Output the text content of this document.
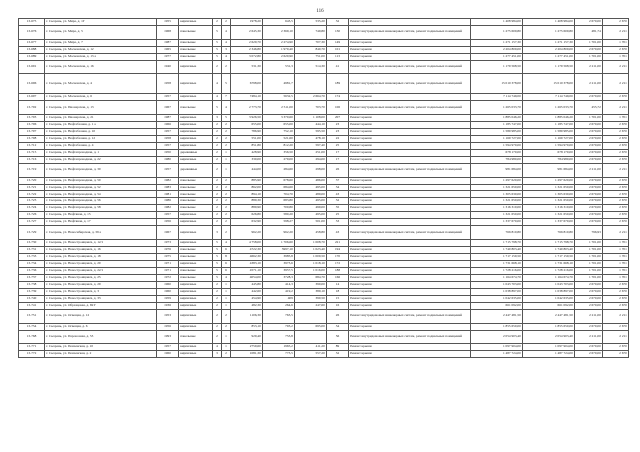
116
13-675	г. Сызрань, ул. Мира, д. 1Г	1955	кирпичные	2	2	1978,20	643,5	535,20	32	Ремонт крыши	1 408 984,00	1 408 984,00	2 670,00	2 670
13-676	г. Сызрань, ул. Мира, д. 5	1968	панельные	5	4	2 645,30	2 369,10	749,80	130	Ремонт внутридомовых инженерных систем, ремонт подвальных помещений	1 275 609,80	1 275 609,80	481,74	2 211
13-677	г. Сызрань, ул. Мира, д. 7	1987	панельные	5	4	2 629,70	2 274,90	707,30	149	Ремонт крыши	1 271 157,30	1 271 157,30	1 701,00	1 701
13-688	г. Сызрань, ул. Московская, д. 12	1965	панельные	5	3	2 346,80	1 970,40	840,70	101	Ремонт крыши	2 204 809,00	2 204 809,00	2 670,00	2 670
13-689	г. Сызрань, ул. Московская, д. 13 а	1977	панельные	5	4	3 072,80	2 620,90	751,00	113	Ремонт крыши	1 277 451,00	1 277 451,00	1 701,00	1 701
13-691	г. Сызрань, ул. Московская, д. 16	1940	кирпичные	2	2	531,30	531,3	514,30	41	Ремонт внутридомовых инженерных систем, ремонт подвальных помещений	1 179 568,50	1 179 568,50	2 211,00	2 211
13-696	г. Сызрань, ул. Московская, д. 4	1958	кирпичные	4	5	6798,00	4981,7		189	Ремонт внутридомовых инженерных систем, ремонт подвальных помещений	15 010 378,00	15 010 378,00	2 211,00	2 211
13-697	г. Сызрань, ул. Московская, д. 6	1957	кирпичные	4	7	7484,10	5632,5	2 664,70	174	Ремонт крыши	7 114 749,00	7 114 749,00	2 670,00	2 670
13-702	г. Сызрань, ул. Пионерская, д. 13	1967	панельные	5	4	2 773,70	2 511,00	703,70	106	Ремонт внутридомовых инженерных систем, ремонт подвальных помещений	1 265 033,70	1 265 033,70	455,72	2 211
13-703	г. Сызрань, ул. Пионерская, д. 21	1987	кирпичные	3	5	3 926,50	3 370,60	1 108,00	207	Ремонт крыши	1 885 046,20	1 885 046,20	1 701,00	1 701
13-706	г. Сызрань, ул. Нефтебазная, д. 1 а	1966	кирпичные	2	2	655,00	655,00	444,10	23	Ремонт крыши	1 185 747,00	1 185 747,00	2 670,00	2 670
13-707	г. Сызрань, ул. Нефтебазная, д. 10	1957	кирпичные	2	2	786,90	752,10	595,50	23	Ремонт крыши	1 589 985,00	1 589 985,00	2 670,00	2 670
13-708	г. Сызрань, ул. Нефтебазная, д. 12	1958	кирпичные	2	2	551,00	521,60	478,10	22	Ремонт крыши	1 169 727,00	1 169 727,00	2 670,00	2 670
13-712	г. Сызрань, ул. Нефтебазная, д. 4	1957	кирпичные	2	2	851,80	812,20	597,40	25	Ремонт крыши	1 594 970,00	1 594 970,00	2 670,00	2 670
13-715	г. Сызрань, ул. Нефтепроводная, д. 1	1950	деревянные	2	1	428,90	356,50	251,00	17	Ремонт крыши	678 170,00	678 170,00	2 670,00	2 670
13-716	г. Сызрань, ул. Нефтепроводная, д. 22	1980	кирпичные	2	1	330,00	279,00	294,00	17	Ремонт крыши	784 980,00	784 980,00	2 670,00	2 670
13-719	г. Сызрань, ул. Нефтепроводная, д. 30	1957	деревянные	2	1	444,00	284,60	298,00	26	Ремонт внутридомовых инженерных систем, ремонт подвальных помещений	981 684,00	981 684,00	2 211,00	2 211
13-720	г. Сызрань, ул. Нефтепроводная, д. 50	1982	панельные	2	2	885,90	678,60	486,00	37	Ремонт крыши	1 297 620,00	1 297 620,00	2 670,00	2 670
13-721	г. Сызрань, ул. Нефтепроводная, д. 52	1983	панельные	2	2	862,00	684,60	495,00	34	Ремонт крыши	1 321 650,00	1 321 650,00	2 670,00	2 670
13-722	г. Сызрань, ул. Нефтепроводная, д. 54	1981	панельные	2	2	894,10	704,70	489,00	43	Ремонт крыши	1 305 630,00	1 305 630,00	2 670,00	2 670
13-723	г. Сызрань, ул. Нефтепроводная, д. 56	1986	панельные	2	2	889,30	683,80	495,00	32	Ремонт крыши	1 321 650,00	1 321 650,00	2 670,00	2 670
13-724	г. Сызрань, ул. Нефтепроводная, д. 58	1982	панельные	2	2	889,90	700,80	499,00	35	Ремонт крыши	1 316 310,00	1 316 310,00	2 670,00	2 670
13-726	г. Сызрань, ул. Нефтяная, д. 15	1957	кирпичные	2	2	626,80	580,20	495,00	25	Ремонт крыши	1 321 650,00	1 321 650,00	2 670,00	2 670
13-727	г. Сызрань, ул. Нефтяная, д. 17	1956	кирпичные	2	2	632,90	598,27	501,00	33	Ремонт крыши	1 337 670,00	1 337 670,00	2 670,00	2 670
13-729	г. Сызрань, ул. Новосибирская, д. 39 а	1967	кирпичные	3	2	962,20	962,20	458,80	43	Ремонт внутридомовых инженерных систем, ремонт подвальных помещений	766 810,80	766 810,80	796,93	2 211
13-730	г. Сызрань, ул. Новостроящаяся, д. 12/1	1973	кирпичные	5	4	4 758,00	1 706,60	1 008,70	221	Ремонт крыши	1 715 798,70	1 715 798,70	1 701,00	1 701
13-731	г. Сызрань, ул. Новостроящаяся, д. 16	1976	панельные	5	6	4722,30	3997,10	1 023,40	194	Ремонт крыши	1 740 803,40	1 740 803,40	1 701,00	1 701
13-733	г. Сызрань, ул. Новостроящаяся, д. 18	1975	панельные	5	8	4662,30	3985,8	1 009,50	170	Ремонт крыши	1 717 159,50	1 717 159,50	1 701,00	1 701
13-734	г. Сызрань, ул. Новостроящаяся, д. 20	1971	кирпичные	5	6	4383,10	3973,6	1 018,10	172	Ремонт крыши	1 731 668,10	1 731 668,10	1 701,00	1 701
13-736	г. Сызрань, ул. Новостроящаяся, д. 22/1	1971	панельные	5	6	4571,10	3957,5	1 016,00	188	Ремонт крыши	1 728 216,00	1 728 216,00	1 701,00	1 701
13-737	г. Сызрань, ул. Новостроящаяся, д. 25	1972	панельные	5	4	4054,00	3728,3	684,70	166	Ремонт крыши	1 164 674,70	1 164 674,70	1 701,00	1 701
13-738	г. Сызрань, ул. Новостроящаяся, д. 29	1960	кирпичные	2	1	445,80	414,3	390,00	14	Ремонт крыши	1 043 703,00	1 043 703,00	2 670,00	2 670
13-739	г. Сызрань, ул. Новостроящаяся, д. 3	1960	кирпичные	2	1	442,60	419,2	389,10	18	Ремонт крыши	1 038 897,00	1 038 897,00	2 670,00	2 670
13-740	г. Сызрань, ул. Новостроящаяся, д. 33	1959	кирпичные	2	1	454,90	409	390,50	15	Ремонт крыши	1 042 635,00	1 042 635,00	2 670,00	2 670
13-741	г. Сызрань, ул. Образцовая, д. 69 Г	1936	кирпичные	2	1	482,30	264,6	247,60	16	Ремонт крыши	661 092,00	661 092,00	2 670,00	2 670
13-751	г. Сызрань, ул. Освещая, д. 12	1953	кирпичные	2	2	1106,30	763,5		26	Ремонт внутридомовых инженерных систем, ремонт подвальных помещений	2 447 481,50	2 447 481,50	2 211,00	2 211
13-754	г. Сызрань, ул. Освещая, д. 6	1956	кирпичные	2	2	853,10	793,2	695,00	34	Ремонт крыши	1 855 650,00	1 855 650,00	2 670,00	2 670
13-768	г. Сызрань, ул. Паровозная, д. 53	1993	панельные	2	1	929,40	753,8		56	Ремонт внутридомовых инженерных систем, ремонт подвальных помещений	2 054 903,40	2 054 903,40	2 211,00	2 211
13-771	г. Сызрань, ул. Пензенская, д. 10	1957	кирпичные	4	1	2759,60	1965,2	411,20	89	Ремонт крыши	1 097 904,00	1 097 904,00	2 670,00	2 670
13-772	г. Сызрань, ул. Пензенская, д. 2	1960	кирпичные	3	2	1081,30	773,5	557,20	32	Ремонт крыши	1 487 724,00	1 487 724,00	2 670,00	2 670
